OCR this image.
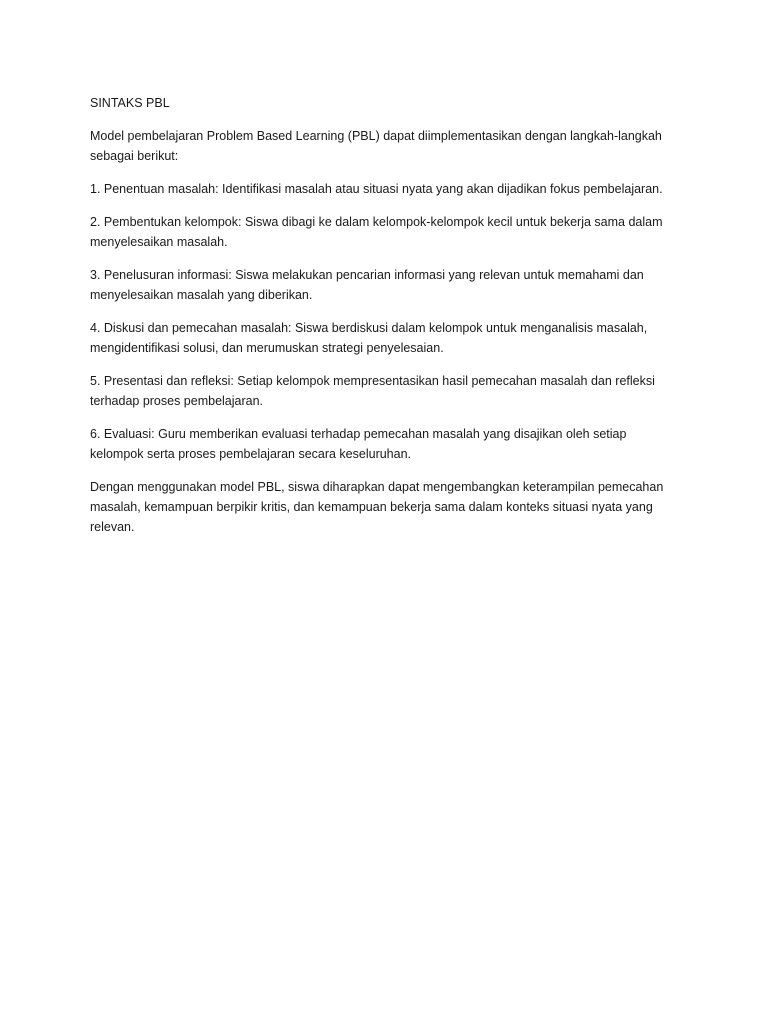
SINTAKS PBL

Model pembelajaran Problem Based Learning (PBL) dapat diimplementasikan dengan langkah-langkah sebagai berikut:

1. Penentuan masalah: Identifikasi masalah atau situasi nyata yang akan dijadikan fokus pembelajaran.

2. Pembentukan kelompok: Siswa dibagi ke dalam kelompok-kelompok kecil untuk bekerja sama dalam menyelesaikan masalah.

3. Penelusuran informasi: Siswa melakukan pencarian informasi yang relevan untuk memahami dan menyelesaikan masalah yang diberikan.

4. Diskusi dan pemecahan masalah: Siswa berdiskusi dalam kelompok untuk menganalisis masalah, mengidentifikasi solusi, dan merumuskan strategi penyelesaian.

5. Presentasi dan refleksi: Setiap kelompok mempresentasikan hasil pemecahan masalah dan refleksi terhadap proses pembelajaran.

6. Evaluasi: Guru memberikan evaluasi terhadap pemecahan masalah yang disajikan oleh setiap kelompok serta proses pembelajaran secara keseluruhan.

Dengan menggunakan model PBL, siswa diharapkan dapat mengembangkan keterampilan pemecahan masalah, kemampuan berpikir kritis, dan kemampuan bekerja sama dalam konteks situasi nyata yang relevan.
